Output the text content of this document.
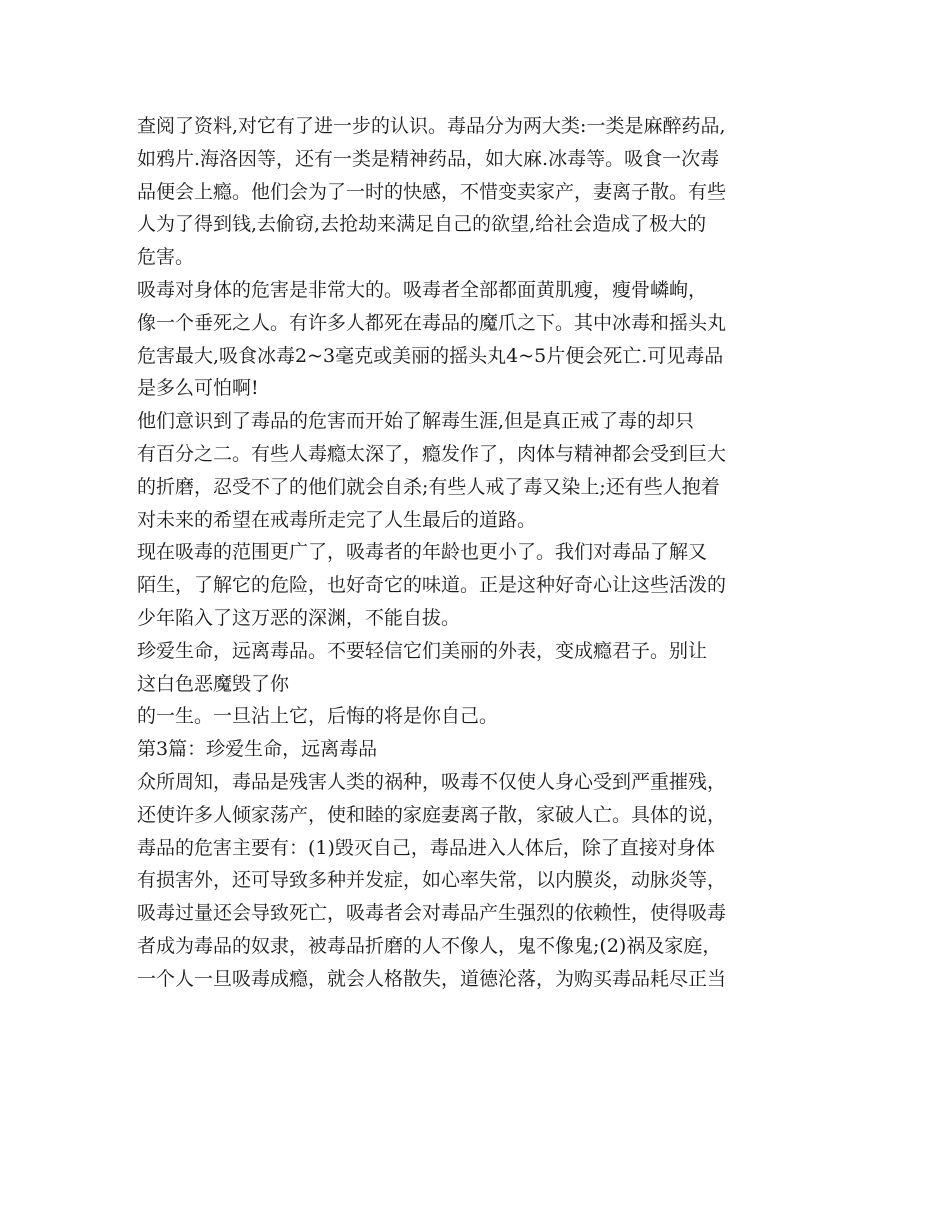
查阅了资料,对它有了进一步的认识。毒品分为两大类:一类是麻醉药品,
如鸦片.海洛因等，还有一类是精神药品，如大麻.冰毒等。吸食一次毒
品便会上瘾。他们会为了一时的快感，不惜变卖家产，妻离子散。有些
人为了得到钱,去偷窃,去抢劫来满足自己的欲望,给社会造成了极大的
危害。
吸毒对身体的危害是非常大的。吸毒者全部都面黄肌瘦，瘦骨嶙峋，
像一个垂死之人。有许多人都死在毒品的魔爪之下。其中冰毒和摇头丸
危害最大,吸食冰毒2~3毫克或美丽的摇头丸4~5片便会死亡.可见毒品
是多么可怕啊!
他们意识到了毒品的危害而开始了解毒生涯,但是真正戒了毒的却只
有百分之二。有些人毒瘾太深了，瘾发作了，肉体与精神都会受到巨大
的折磨，忍受不了的他们就会自杀;有些人戒了毒又染上;还有些人抱着
对未来的希望在戒毒所走完了人生最后的道路。
现在吸毒的范围更广了，吸毒者的年龄也更小了。我们对毒品了解又
陌生，了解它的危险，也好奇它的味道。正是这种好奇心让这些活泼的
少年陷入了这万恶的深渊，不能自拔。
珍爱生命，远离毒品。不要轻信它们美丽的外表，变成瘾君子。别让
这白色恶魔毁了你
的一生。一旦沾上它，后悔的将是你自己。
第3篇：珍爱生命，远离毒品
众所周知，毒品是残害人类的祸种，吸毒不仅使人身心受到严重摧残，
还使许多人倾家荡产，使和睦的家庭妻离子散，家破人亡。具体的说，
毒品的危害主要有：(1)毁灭自己，毒品进入人体后，除了直接对身体
有损害外，还可导致多种并发症，如心率失常，以内膜炎，动脉炎等，
吸毒过量还会导致死亡，吸毒者会对毒品产生强烈的依赖性，使得吸毒
者成为毒品的奴隶，被毒品折磨的人不像人，鬼不像鬼;(2)祸及家庭，
一个人一旦吸毒成瘾，就会人格散失，道德沦落，为购买毒品耗尽正当
